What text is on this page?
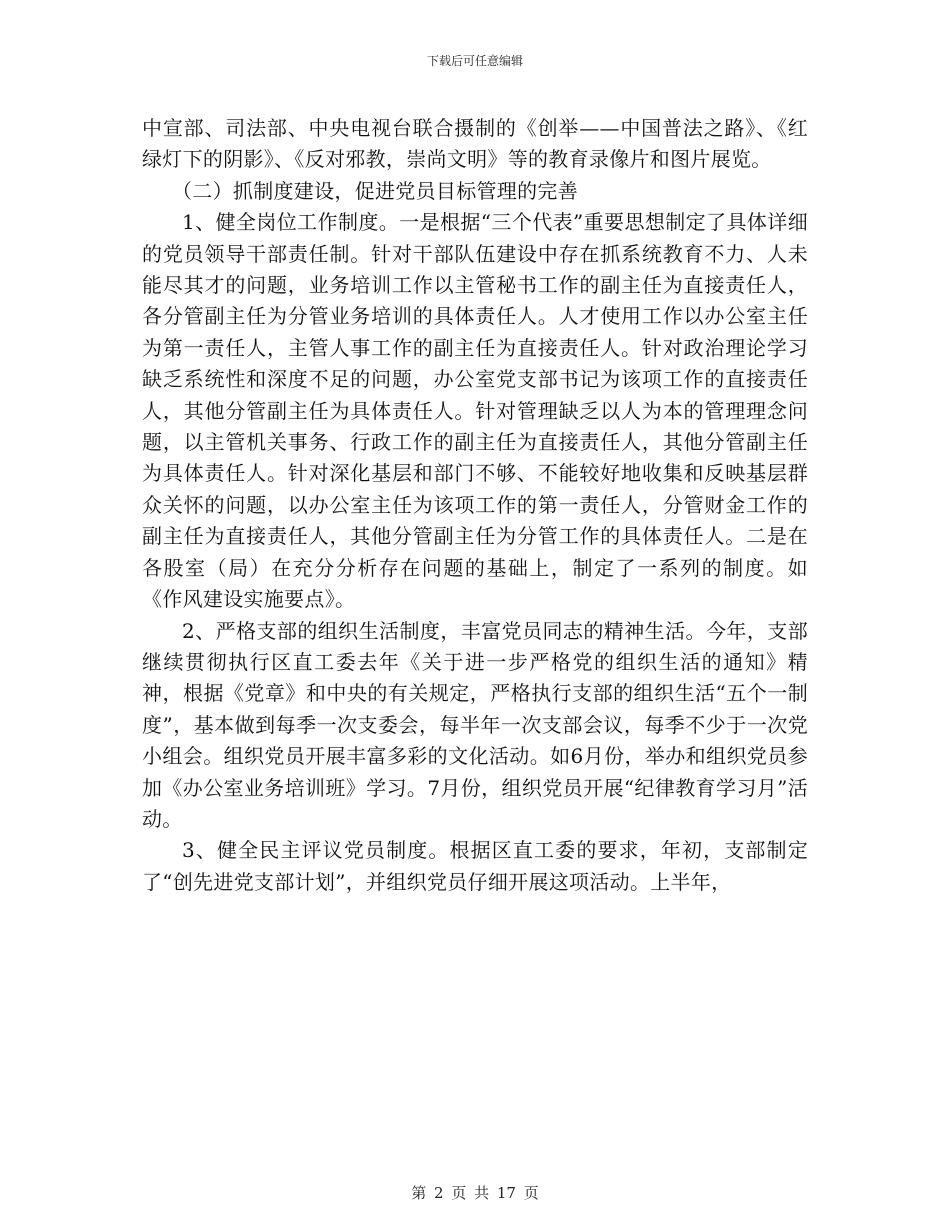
下载后可任意编辑

中宣部、司法部、中央电视台联合摄制的《创举——中国普法之路》、《红绿灯下的阴影》、《反对邪教，崇尚文明》等的教育录像片和图片展览。

（二）抓制度建设，促进党员目标管理的完善

1、健全岗位工作制度。一是根据“三个代表”重要思想制定了具体详细的党员领导干部责任制。针对干部队伍建设中存在抓系统教育不力、人未能尽其才的问题，业务培训工作以主管秘书工作的副主任为直接责任人，各分管副主任为分管业务培训的具体责任人。人才使用工作以办公室主任为第一责任人，主管人事工作的副主任为直接责任人。针对政治理论学习缺乏系统性和深度不足的问题，办公室党支部书记为该项工作的直接责任人，其他分管副主任为具体责任人。针对管理缺乏以人为本的管理理念问题，以主管机关事务、行政工作的副主任为直接责任人，其他分管副主任为具体责任人。针对深化基层和部门不够、不能较好地收集和反映基层群众关怀的问题，以办公室主任为该项工作的第一责任人，分管财金工作的副主任为直接责任人，其他分管副主任为分管工作的具体责任人。二是在各股室（局）在充分分析存在问题的基础上，制定了一系列的制度。如《作风建设实施要点》。

2、严格支部的组织生活制度，丰富党员同志的精神生活。今年，支部继续贯彻执行区直工委去年《关于进一步严格党的组织生活的通知》精神，根据《党章》和中央的有关规定，严格执行支部的组织生活“五个一制度”，基本做到每季一次支委会，每半年一次支部会议，每季不少于一次党小组会。组织党员开展丰富多彩的文化活动。如6月份，举办和组织党员参加《办公室业务培训班》学习。7月份，组织党员开展“纪律教育学习月”活动。

3、健全民主评议党员制度。根据区直工委的要求，年初，支部制定了“创先进党支部计划”，并组织党员仔细开展这项活动。上半年，

第 2 页 共 17 页
